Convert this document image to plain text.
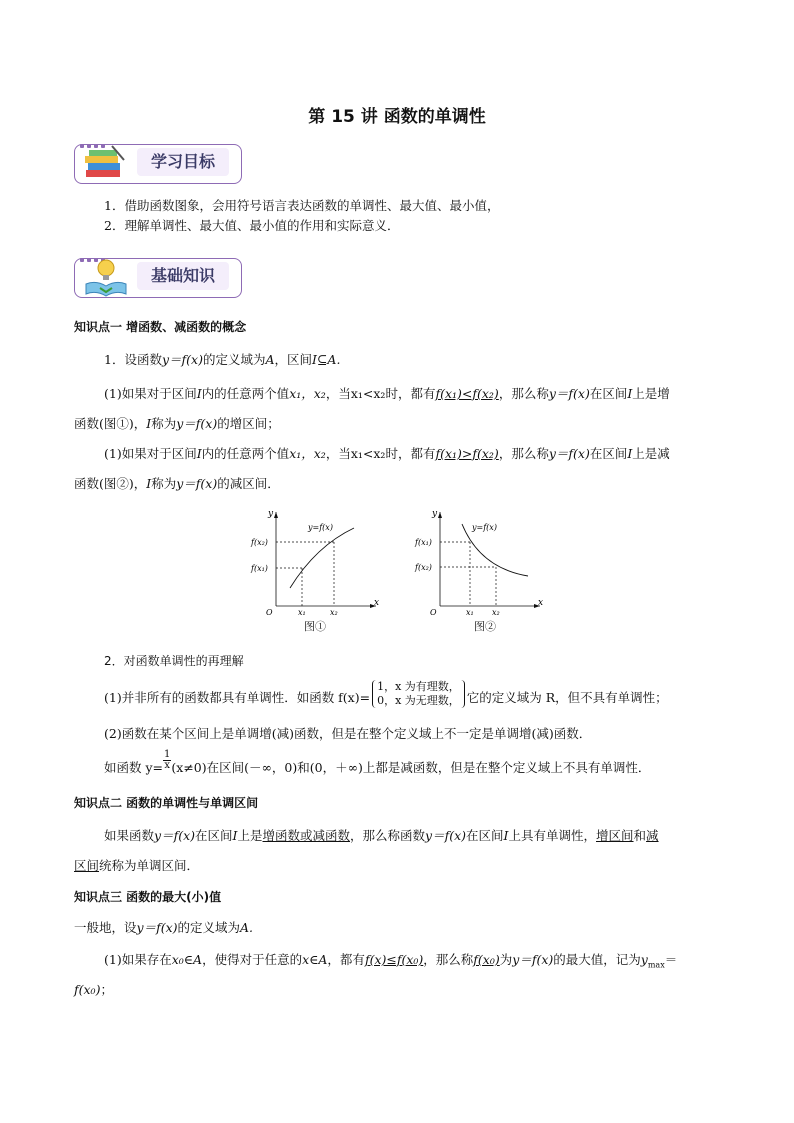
第 15 讲 函数的单调性
学习目标
1．借助函数图象，会用符号语言表达函数的单调性、最大值、最小值，
2．理解单调性、最大值、最小值的作用和实际意义．
基础知识
知识点一 增函数、减函数的概念
1．设函数y＝f(x)的定义域为A，区间I⊆A.
(1)如果对于区间I内的任意两个值x₁，x₂，当x₁<x₂时，都有f(x₁)<f(x₂)，那么称y＝f(x)在区间I上是增
函数(图①)，I称为y＝f(x)的增区间；
(1)如果对于区间I内的任意两个值x₁，x₂，当x₁<x₂时，都有f(x₁)>f(x₂)，那么称y＝f(x)在区间I上是减
函数(图②)，I称为y＝f(x)的减区间．
y
x
O
f(x₂)
f(x₁)
x₁	x₂
y=f(x)
图①
y
x
O
f(x₁)
f(x₂)
x₁ x₂
y=f(x)
图②
2．对函数单调性的再理解
(1)并非所有的函数都具有单调性．如函数 f(x)=
1，x 为有理数，
0，x 为无理数， 它的定义域为 R，但不具有单调性；
(2)函数在某个区间上是单调增(减)函数，但是在整个定义域上不一定是单调增(减)函数．
如函数 $y= \frac{1}{x} (x\ne 0)$在区间(－∞，0)和(0，＋∞)上都是减函数，但是在整个定义域上不具有单调性．
知识点二 函数的单调性与单调区间
如果函数y＝f(x)在区间I上是增函数或减函数，那么称函数y＝f(x)在区间I上具有单调性，增区间和减
区间统称为单调区间．
知识点三 函数的最大(小)值
一般地，设y＝f(x)的定义域为A.
(1)如果存在x₀∈A，使得对于任意的x∈A，都有f(x)≤f(x₀)，那么称f(x₀)为y＝f(x)的最大值，记为$y_{max}=$
f(x₀)；
